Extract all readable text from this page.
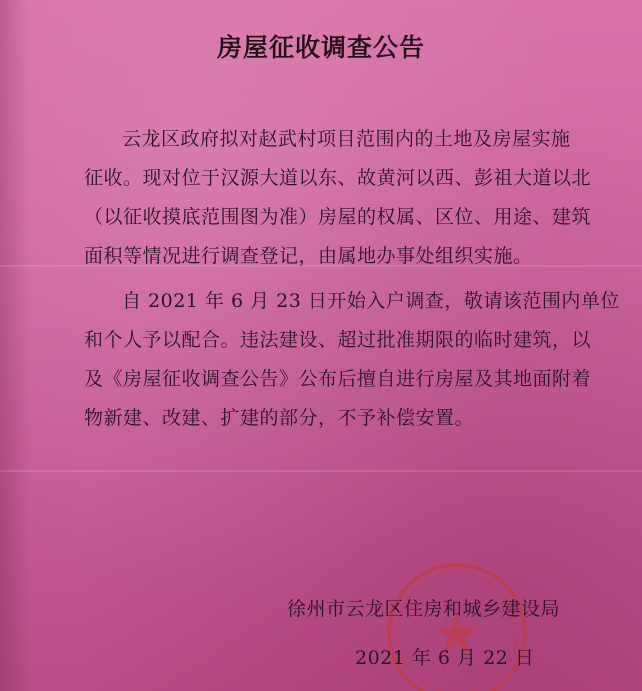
房屋征收调查公告
云龙区政府拟对赵武村项目范围内的土地及房屋实施
征收。现对位于汉源大道以东、故黄河以西、彭祖大道以北
（以征收摸底范围图为准）房屋的权属、区位、用途、建筑
面积等情况进行调查登记，由属地办事处组织实施。
自 2021 年 6 月 23 日开始入户调查，敬请该范围内单位
和个人予以配合。违法建设、超过批准期限的临时建筑，以
及《房屋征收调查公告》公布后擅自进行房屋及其地面附着
物新建、改建、扩建的部分，不予补偿安置。
徐州市云龙区住房和城乡建设局
2021 年 6 月 22 日
